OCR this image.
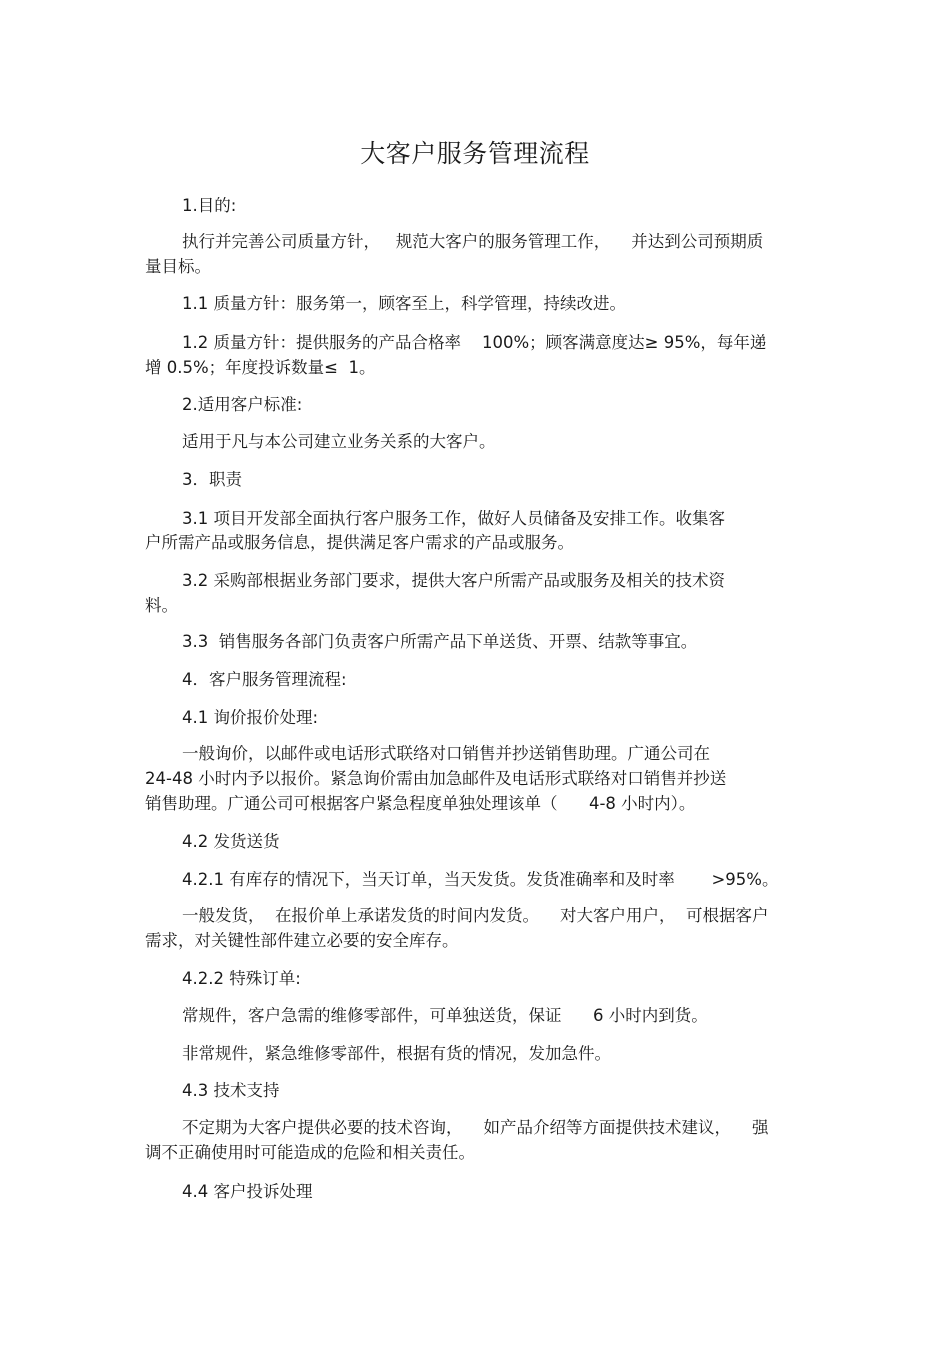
大客户服务管理流程
1.目的:
执行并完善公司质量方针，   规范大客户的服务管理工作，    并达到公司预期质
量目标。
1.1 质量方针：服务第一，顾客至上，科学管理，持续改进。
1.2 质量方针：提供服务的产品合格率    100%；顾客满意度达≥ 95%，每年递
增 0.5%；年度投诉数量≤  1。
2.适用客户标准:
适用于凡与本公司建立业务关系的大客户。
3．职责
3.1 项目开发部全面执行客户服务工作，做好人员储备及安排工作。收集客
户所需产品或服务信息，提供满足客户需求的产品或服务。
3.2 采购部根据业务部门要求，提供大客户所需产品或服务及相关的技术资
料。
3.3  销售服务各部门负责客户所需产品下单送货、开票、结款等事宜。
4．客户服务管理流程:
4.1 询价报价处理:
一般询价，以邮件或电话形式联络对口销售并抄送销售助理。广通公司在
24-48 小时内予以报价。紧急询价需由加急邮件及电话形式联络对口销售并抄送
销售助理。广通公司可根据客户紧急程度单独处理该单（      4-8 小时内）。
4.2 发货送货
4.2.1 有库存的情况下，当天订单，当天发货。发货准确率和及时率       >95%。
一般发货，  在报价单上承诺发货的时间内发货。    对大客户用户，  可根据客户
需求，对关键性部件建立必要的安全库存。
4.2.2 特殊订单:
常规件，客户急需的维修零部件，可单独送货，保证      6 小时内到货。
非常规件，紧急维修零部件，根据有货的情况，发加急件。
4.3 技术支持
不定期为大客户提供必要的技术咨询，    如产品介绍等方面提供技术建议，    强
调不正确使用时可能造成的危险和相关责任。
4.4 客户投诉处理
